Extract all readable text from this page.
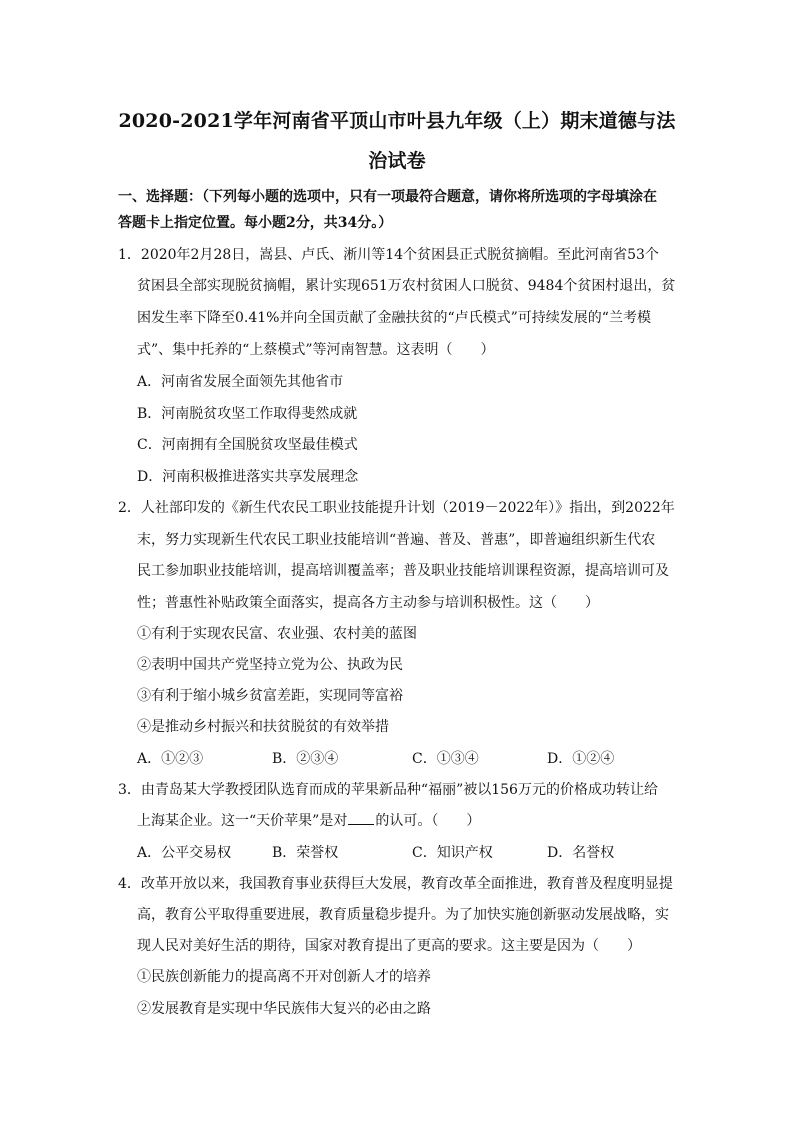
2020-2021学年河南省平顶山市叶县九年级（上）期末道德与法
治试卷
一、选择题：（下列每小题的选项中，只有一项最符合题意，请你将所选项的字母填涂在
答题卡上指定位置。每小题2分，共34分。）
1．2020年2月28日，嵩县、卢氏、淅川等14个贫困县正式脱贫摘帽。至此河南省53个
贫困县全部实现脱贫摘帽，累计实现651万农村贫困人口脱贫、9484个贫困村退出，贫
困发生率下降至0.41%并向全国贡献了金融扶贫的“卢氏模式”可持续发展的“兰考模
式”、集中托养的“上蔡模式”等河南智慧。这表明（　　）
A．河南省发展全面领先其他省市
B．河南脱贫攻坚工作取得斐然成就
C．河南拥有全国脱贫攻坚最佳模式
D．河南积极推进落实共享发展理念
2．人社部印发的《新生代农民工职业技能提升计划（2019－2022年）》指出，到2022年
末，努力实现新生代农民工职业技能培训“普遍、普及、普惠”，即普遍组织新生代农
民工参加职业技能培训，提高培训覆盖率；普及职业技能培训课程资源，提高培训可及
性；普惠性补贴政策全面落实，提高各方主动参与培训积极性。这（　　）
①有利于实现农民富、农业强、农村美的蓝图
②表明中国共产党坚持立党为公、执政为民
③有利于缩小城乡贫富差距，实现同等富裕
④是推动乡村振兴和扶贫脱贫的有效举措
A．①②③	B．②③④	C．①③④	D．①②④
3．由青岛某大学教授团队选育而成的苹果新品种“福丽”被以156万元的价格成功转让给
上海某企业。这一“天价苹果”是对 的认可。（　　）
A．公平交易权	B．荣誉权	C．知识产权	D．名誉权
4．改革开放以来，我国教育事业获得巨大发展，教育改革全面推进，教育普及程度明显提
高，教育公平取得重要进展，教育质量稳步提升。为了加快实施创新驱动发展战略，实
现人民对美好生活的期待，国家对教育提出了更高的要求。这主要是因为（　　）
①民族创新能力的提高离不开对创新人才的培养
②发展教育是实现中华民族伟大复兴的必由之路
